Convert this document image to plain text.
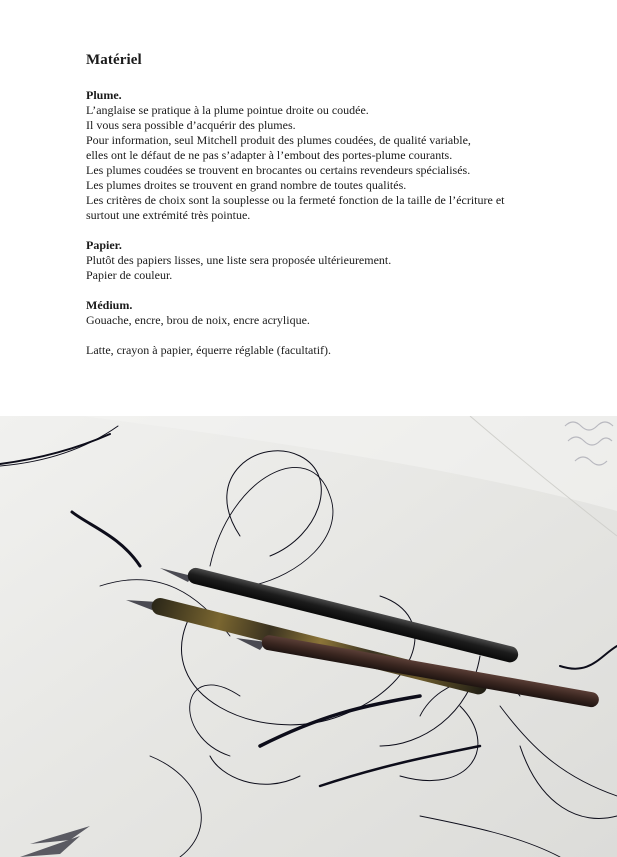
Matériel
Plume.
L’anglaise se pratique à la plume pointue droite ou coudée.
Il vous sera possible d’acquérir des plumes.
Pour information, seul Mitchell produit des plumes coudées, de qualité variable,
elles ont le défaut de ne pas s’adapter à l’embout des portes-plume courants.
Les plumes coudées se trouvent en brocantes ou certains revendeurs spécialisés.
Les plumes droites se trouvent en grand nombre de toutes qualités.
Les critères de choix sont la souplesse ou la fermeté fonction de la taille de l’écriture et
surtout une extrémité très pointue.
Papier.
Plutôt des papiers lisses, une liste sera proposée ultérieurement.
Papier de couleur.
Médium.
Gouache, encre, brou de noix, encre acrylique.
Latte, crayon à papier, équerre réglable (facultatif).
